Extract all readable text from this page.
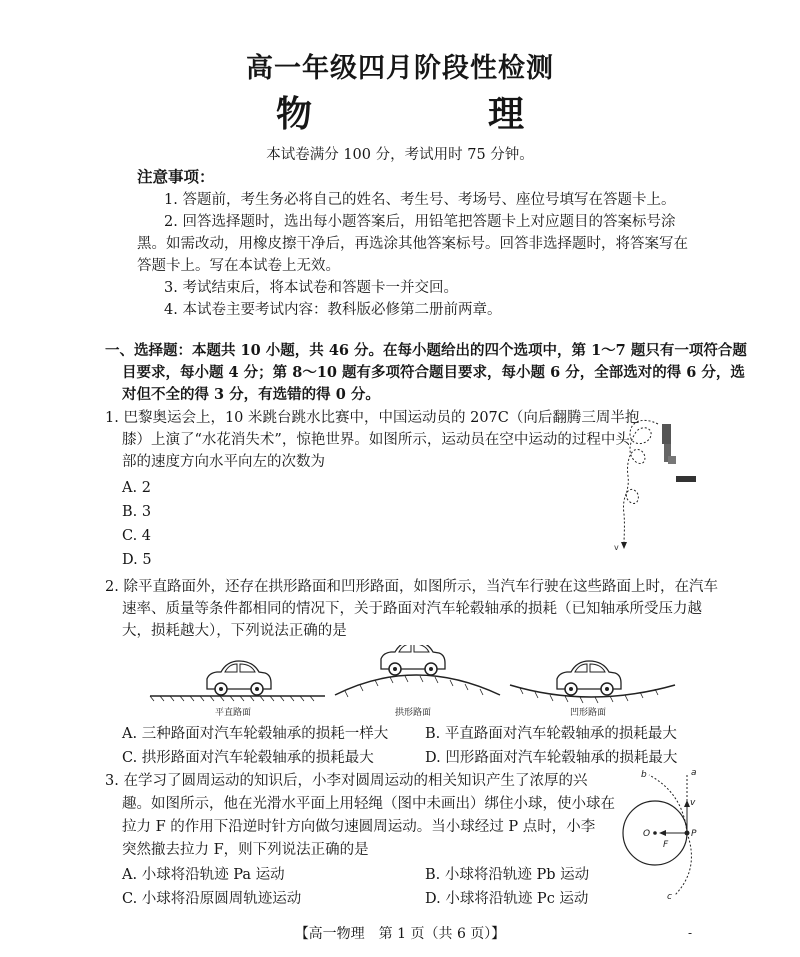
高一年级四月阶段性检测
物　理
本试卷满分 100 分，考试用时 75 分钟。
注意事项：
1. 答题前，考生务必将自己的姓名、考生号、考场号、座位号填写在答题卡上。
2. 回答选择题时，选出每小题答案后，用铅笔把答题卡上对应题目的答案标号涂
黑。如需改动，用橡皮擦干净后，再选涂其他答案标号。回答非选择题时，将答案写在
答题卡上。写在本试卷上无效。
3. 考试结束后，将本试卷和答题卡一并交回。
4. 本试卷主要考试内容：教科版必修第二册前两章。
一、选择题：本题共 10 小题，共 46 分。在每小题给出的四个选项中，第 1～7 题只有一项符合题
目要求，每小题 4 分；第 8～10 题有多项符合题目要求，每小题 6 分，全部选对的得 6 分，选
对但不全的得 3 分，有选错的得 0 分。
1. 巴黎奥运会上，10 米跳台跳水比赛中，中国运动员的 207C（向后翻腾三周半抱
膝）上演了“水花消失术”，惊艳世界。如图所示，运动员在空中运动的过程中头
部的速度方向水平向左的次数为
A. 2
B. 3
C. 4
D. 5
v
2. 除平直路面外，还存在拱形路面和凹形路面，如图所示，当汽车行驶在这些路面上时，在汽车
速率、质量等条件都相同的情况下，关于路面对汽车轮毂轴承的损耗（已知轴承所受压力越
大，损耗越大），下列说法正确的是
平直路面	拱形路面	凹形路面
A. 三种路面对汽车轮毂轴承的损耗一样大	B. 平直路面对汽车轮毂轴承的损耗最大
C. 拱形路面对汽车轮毂轴承的损耗最大	D. 凹形路面对汽车轮毂轴承的损耗最大
3. 在学习了圆周运动的知识后，小李对圆周运动的相关知识产生了浓厚的兴
趣。如图所示，他在光滑水平面上用轻绳（图中未画出）绑住小球，使小球在
拉力 F 的作用下沿逆时针方向做匀速圆周运动。当小球经过 P 点时，小李
突然撤去拉力 F，则下列说法正确的是
A. 小球将沿轨迹 Pa 运动	B. 小球将沿轨迹 Pb 运动
C. 小球将沿原圆周轨迹运动	D. 小球将沿轨迹 Pc 运动
a
b
v
O	P
F
c
【高一物理　第 1 页（共 6 页）】	-
